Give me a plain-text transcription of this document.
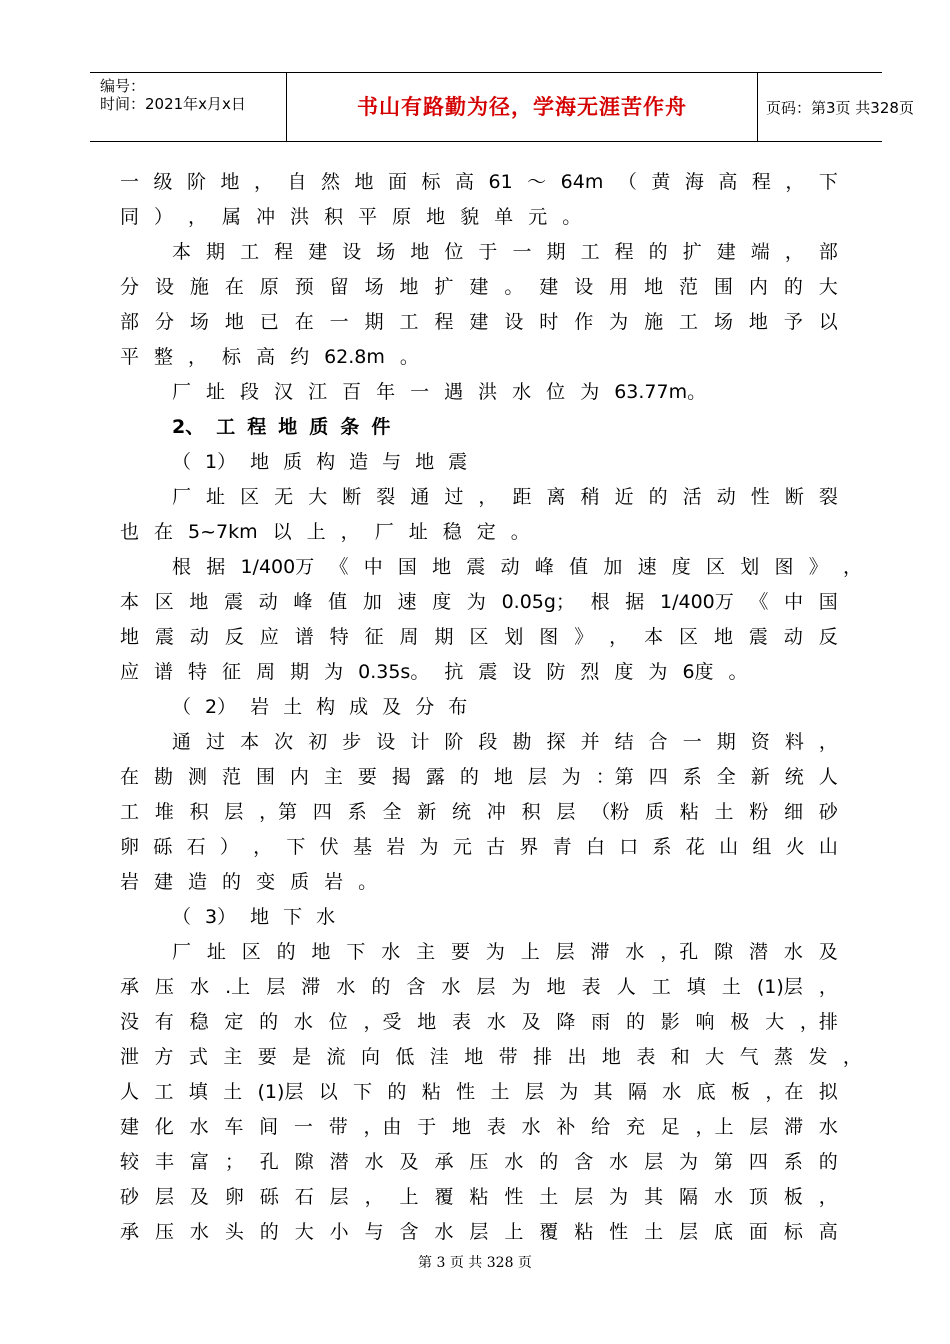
编号：
时间：2021年x月x日	书山有路勤为径，学海无涯苦作舟	页码：第3页 共328页
一 级 阶 地 ， 自 然 地 面 标 高 61 ～ 64m （ 黄 海 高 程 ， 下
同 ） ， 属 冲 洪 积 平 原 地 貌 单 元 。
本 期 工 程 建 设 场 地 位 于 一 期 工 程 的 扩 建 端 ， 部
分 设 施 在 原 预 留 场 地 扩 建 。 建 设 用 地 范 围 内 的 大
部 分 场 地 已 在 一 期 工 程 建 设 时 作 为 施 工 场 地 予 以
平 整 ， 标 高 约 62.8m 。
厂 址 段 汉 江 百 年 一 遇 洪 水 位 为 63.77m。
2、 工 程 地 质 条 件
（ 1） 地 质 构 造 与 地 震
厂 址 区 无 大 断 裂 通 过 ， 距 离 稍 近 的 活 动 性 断 裂
也 在 5~7km 以 上 ， 厂 址 稳 定 。
根 据 1/400万 《 中 国 地 震 动 峰 值 加 速 度 区 划 图 》 ，
本 区 地 震 动 峰 值 加 速 度 为 0.05g； 根 据 1/400万 《 中 国
地 震 动 反 应 谱 特 征 周 期 区 划 图 》 ， 本 区 地 震 动 反
应 谱 特 征 周 期 为 0.35s。 抗 震 设 防 烈 度 为 6度 。
（ 2） 岩 土 构 成 及 分 布
通 过 本 次 初 步 设 计 阶 段 勘 探 并 结 合 一 期 资 料 ，
在 勘 测 范 围 内 主 要 揭 露 的 地 层 为 ：第 四 系 全 新 统 人
工 堆 积 层 ，第 四 系 全 新 统 冲 积 层 （粉 质 粘 土 粉 细 砂
卵 砾 石 ） ， 下 伏 基 岩 为 元 古 界 青 白 口 系 花 山 组 火 山
岩 建 造 的 变 质 岩 。
（ 3） 地 下 水
厂 址 区 的 地 下 水 主 要 为 上 层 滞 水 ，孔 隙 潜 水 及
承 压 水 .上 层 滞 水 的 含 水 层 为 地 表 人 工 填 土 (1)层 ，
没 有 稳 定 的 水 位 ，受 地 表 水 及 降 雨 的 影 响 极 大 ，排
泄 方 式 主 要 是 流 向 低 洼 地 带 排 出 地 表 和 大 气 蒸 发 ，
人 工 填 土 (1)层 以 下 的 粘 性 土 层 为 其 隔 水 底 板 ，在 拟
建 化 水 车 间 一 带 ，由 于 地 表 水 补 给 充 足 ，上 层 滞 水
较 丰 富 ； 孔 隙 潜 水 及 承 压 水 的 含 水 层 为 第 四 系 的
砂 层 及 卵 砾 石 层 ， 上 覆 粘 性 土 层 为 其 隔 水 顶 板 ，
承 压 水 头 的 大 小 与 含 水 层 上 覆 粘 性 土 层 底 面 标 高
第 3 页 共 328 页
